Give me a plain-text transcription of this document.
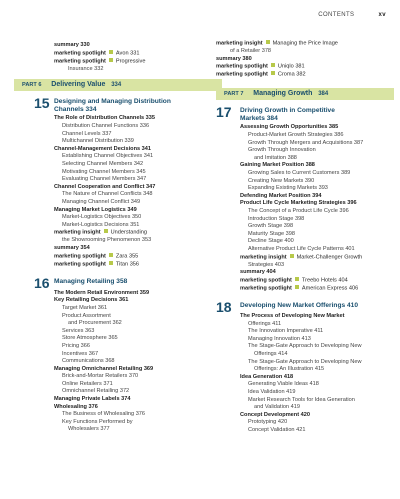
CONTENTS	xv
summary 330
marketing spotlight Avon 331
marketing spotlight Progressive
Insurance 332
PART 6 Delivering Value 334
15 Designing and Managing Distribution
Channels 334
The Role of Distribution Channels 335
Distribution Channel Functions 336
Channel Levels 337
Multichannel Distribution 339
Channel-Management Decisions 341
Establishing Channel Objectives 341
Selecting Channel Members 342
Motivating Channel Members 345
Evaluating Channel Members 347
Channel Cooperation and Conflict 347
The Nature of Channel Conflicts 348
Managing Channel Conflict 349
Managing Market Logistics 349
Market-Logistics Objectives 350
Market-Logistics Decisions 351
marketing insight Understanding
the Showrooming Phenomenon 353
summary 354
marketing spotlight Zara 355
marketing spotlight Titan 356
16 Managing Retailing 358
The Modern Retail Environment 359
Key Retailing Decisions 361
Target Market 361
Product Assortment
and Procurement 362
Services 363
Store Atmosphere 365
Pricing 366
Incentives 367
Communications 368
Managing Omnichannel Retailing 369
Brick-and-Mortar Retailers 370
Online Retailers 371
Omnichannel Retailing 372
Managing Private Labels 374
Wholesaling 376
The Business of Wholesaling 376
Key Functions Performed by
Wholesalers 377
marketing insight Managing the Price Image
of a Retailer 378
summary 380
marketing spotlight Uniqlo 381
marketing spotlight Croma 382
PART 7 Managing Growth 384
17 Driving Growth in Competitive
Markets 384
Assessing Growth Opportunities 385
Product-Market Growth Strategies 386
Growth Through Mergers and Acquisitions 387
Growth Through Innovation
and Imitation 388
Gaining Market Position 388
Growing Sales to Current Customers 389
Creating New Markets 390
Expanding Existing Markets 393
Defending Market Position 394
Product Life Cycle Marketing Strategies 396
The Concept of a Product Life Cycle 396
Introduction Stage 398
Growth Stage 398
Maturity Stage 398
Decline Stage 400
Alternative Product Life Cycle Patterns 401
marketing insight Market-Challenger Growth
Strategies 403
summary 404
marketing spotlight Treebo Hotels 404
marketing spotlight American Express 406
18 Developing New Market Offerings 410
The Process of Developing New Market
Offerings 411
The Innovation Imperative 411
Managing Innovation 413
The Stage-Gate Approach to Developing New
Offerings 414
The Stage-Gate Approach to Developing New
Offerings: An Illustration 415
Idea Generation 418
Generating Viable Ideas 418
Idea Validation 419
Market Research Tools for Idea Generation
and Validation 419
Concept Development 420
Prototyping 420
Concept Validation 421
